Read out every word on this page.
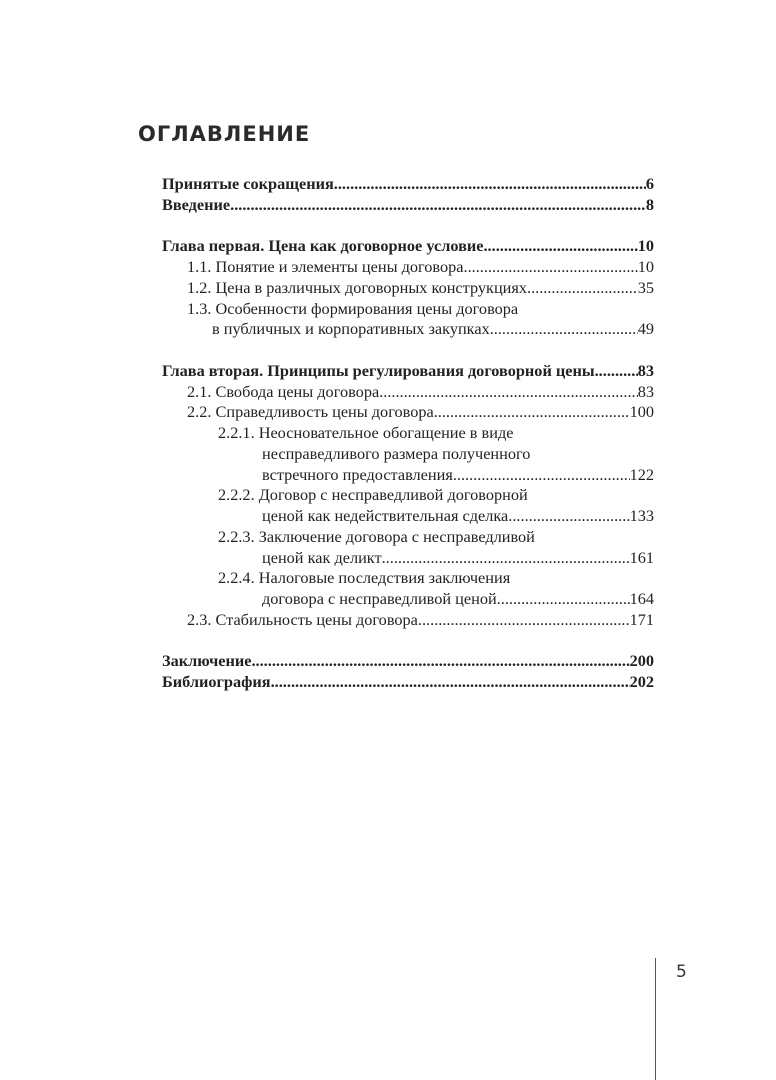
ОГЛАВЛЕНИЕ
Принятые сокращения .....	6
Введение .....	8
Глава первая. Цена как договорное условие .....	10
1.1. Понятие и элементы цены договора .....	10
1.2. Цена в различных договорных конструкциях .....	35
1.3. Особенности формирования цены договора
в публичных и корпоративных закупках .....	49
Глава вторая. Принципы регулирования договорной цены .....	83
2.1. Свобода цены договора .....	83
2.2. Справедливость цены договора .....	100
2.2.1. Неосновательное обогащение в виде
несправедливого размера полученного
встречного предоставления .....	122
2.2.2. Договор с несправедливой договорной
ценой как недействительная сделка .....	133
2.2.3. Заключение договора с несправедливой
ценой как деликт .....	161
2.2.4. Налоговые последствия заключения
договора с несправедливой ценой .....	164
2.3. Стабильность цены договора .....	171
Заключение .....	200
Библиография .....	202
5
